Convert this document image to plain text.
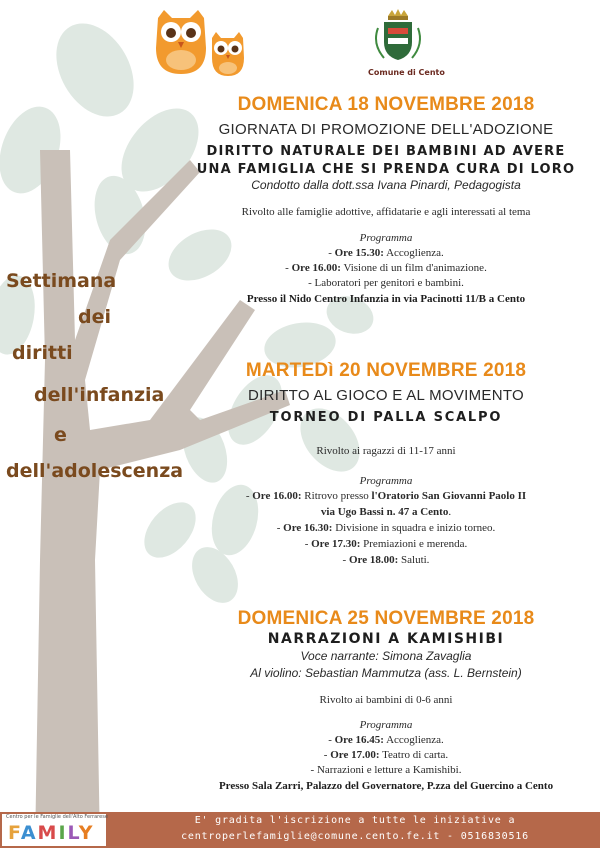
Comune di Cento
Settimana
dei
diritti
dell'infanzia
e
dell'adolescenza
DOMENICA 18 NOVEMBRE 2018
GIORNATA DI PROMOZIONE DELL'ADOZIONE
DIRITTO NATURALE DEI BAMBINI AD AVERE
UNA FAMIGLIA CHE SI PRENDA CURA DI LORO
Condotto dalla dott.ssa Ivana Pinardi, Pedagogista
Rivolto alle famiglie adottive, affidatarie e agli interessati al tema
Programma
- Ore 15.30: Accoglienza.
- Ore 16.00: Visione di un film d'animazione.
- Laboratori per genitori e bambini.
Presso il Nido Centro Infanzia in via Pacinotti 11/B a Cento
MARTEDì 20 NOVEMBRE 2018
DIRITTO AL GIOCO E AL MOVIMENTO
TORNEO DI PALLA SCALPO
Rivolto ai ragazzi di 11-17 anni
Programma
- Ore 16.00: Ritrovo presso l'Oratorio San Giovanni Paolo II
via Ugo Bassi n. 47 a Cento.
- Ore 16.30: Divisione in squadra e inizio torneo.
- Ore 17.30: Premiazioni e merenda.
- Ore 18.00: Saluti.
DOMENICA 25 NOVEMBRE 2018
NARRAZIONI A KAMISHIBI
Voce narrante: Simona Zavaglia
Al violino: Sebastian Mammutza (ass. L. Bernstein)
Rivolto ai bambini di 0-6 anni
Programma
- Ore 16.45: Accoglienza.
- Ore 17.00: Teatro di carta.
- Narrazioni e letture a Kamishibi.
Presso Sala Zarri, Palazzo del Governatore, P.zza del Guercino a Cento
E' gradita l'iscrizione a tutte le iniziative a
centroperlefamiglie@comune.cento.fe.it - 0516830516
Centro per le Famiglie dell'Alto Ferrarese
FAMILY
